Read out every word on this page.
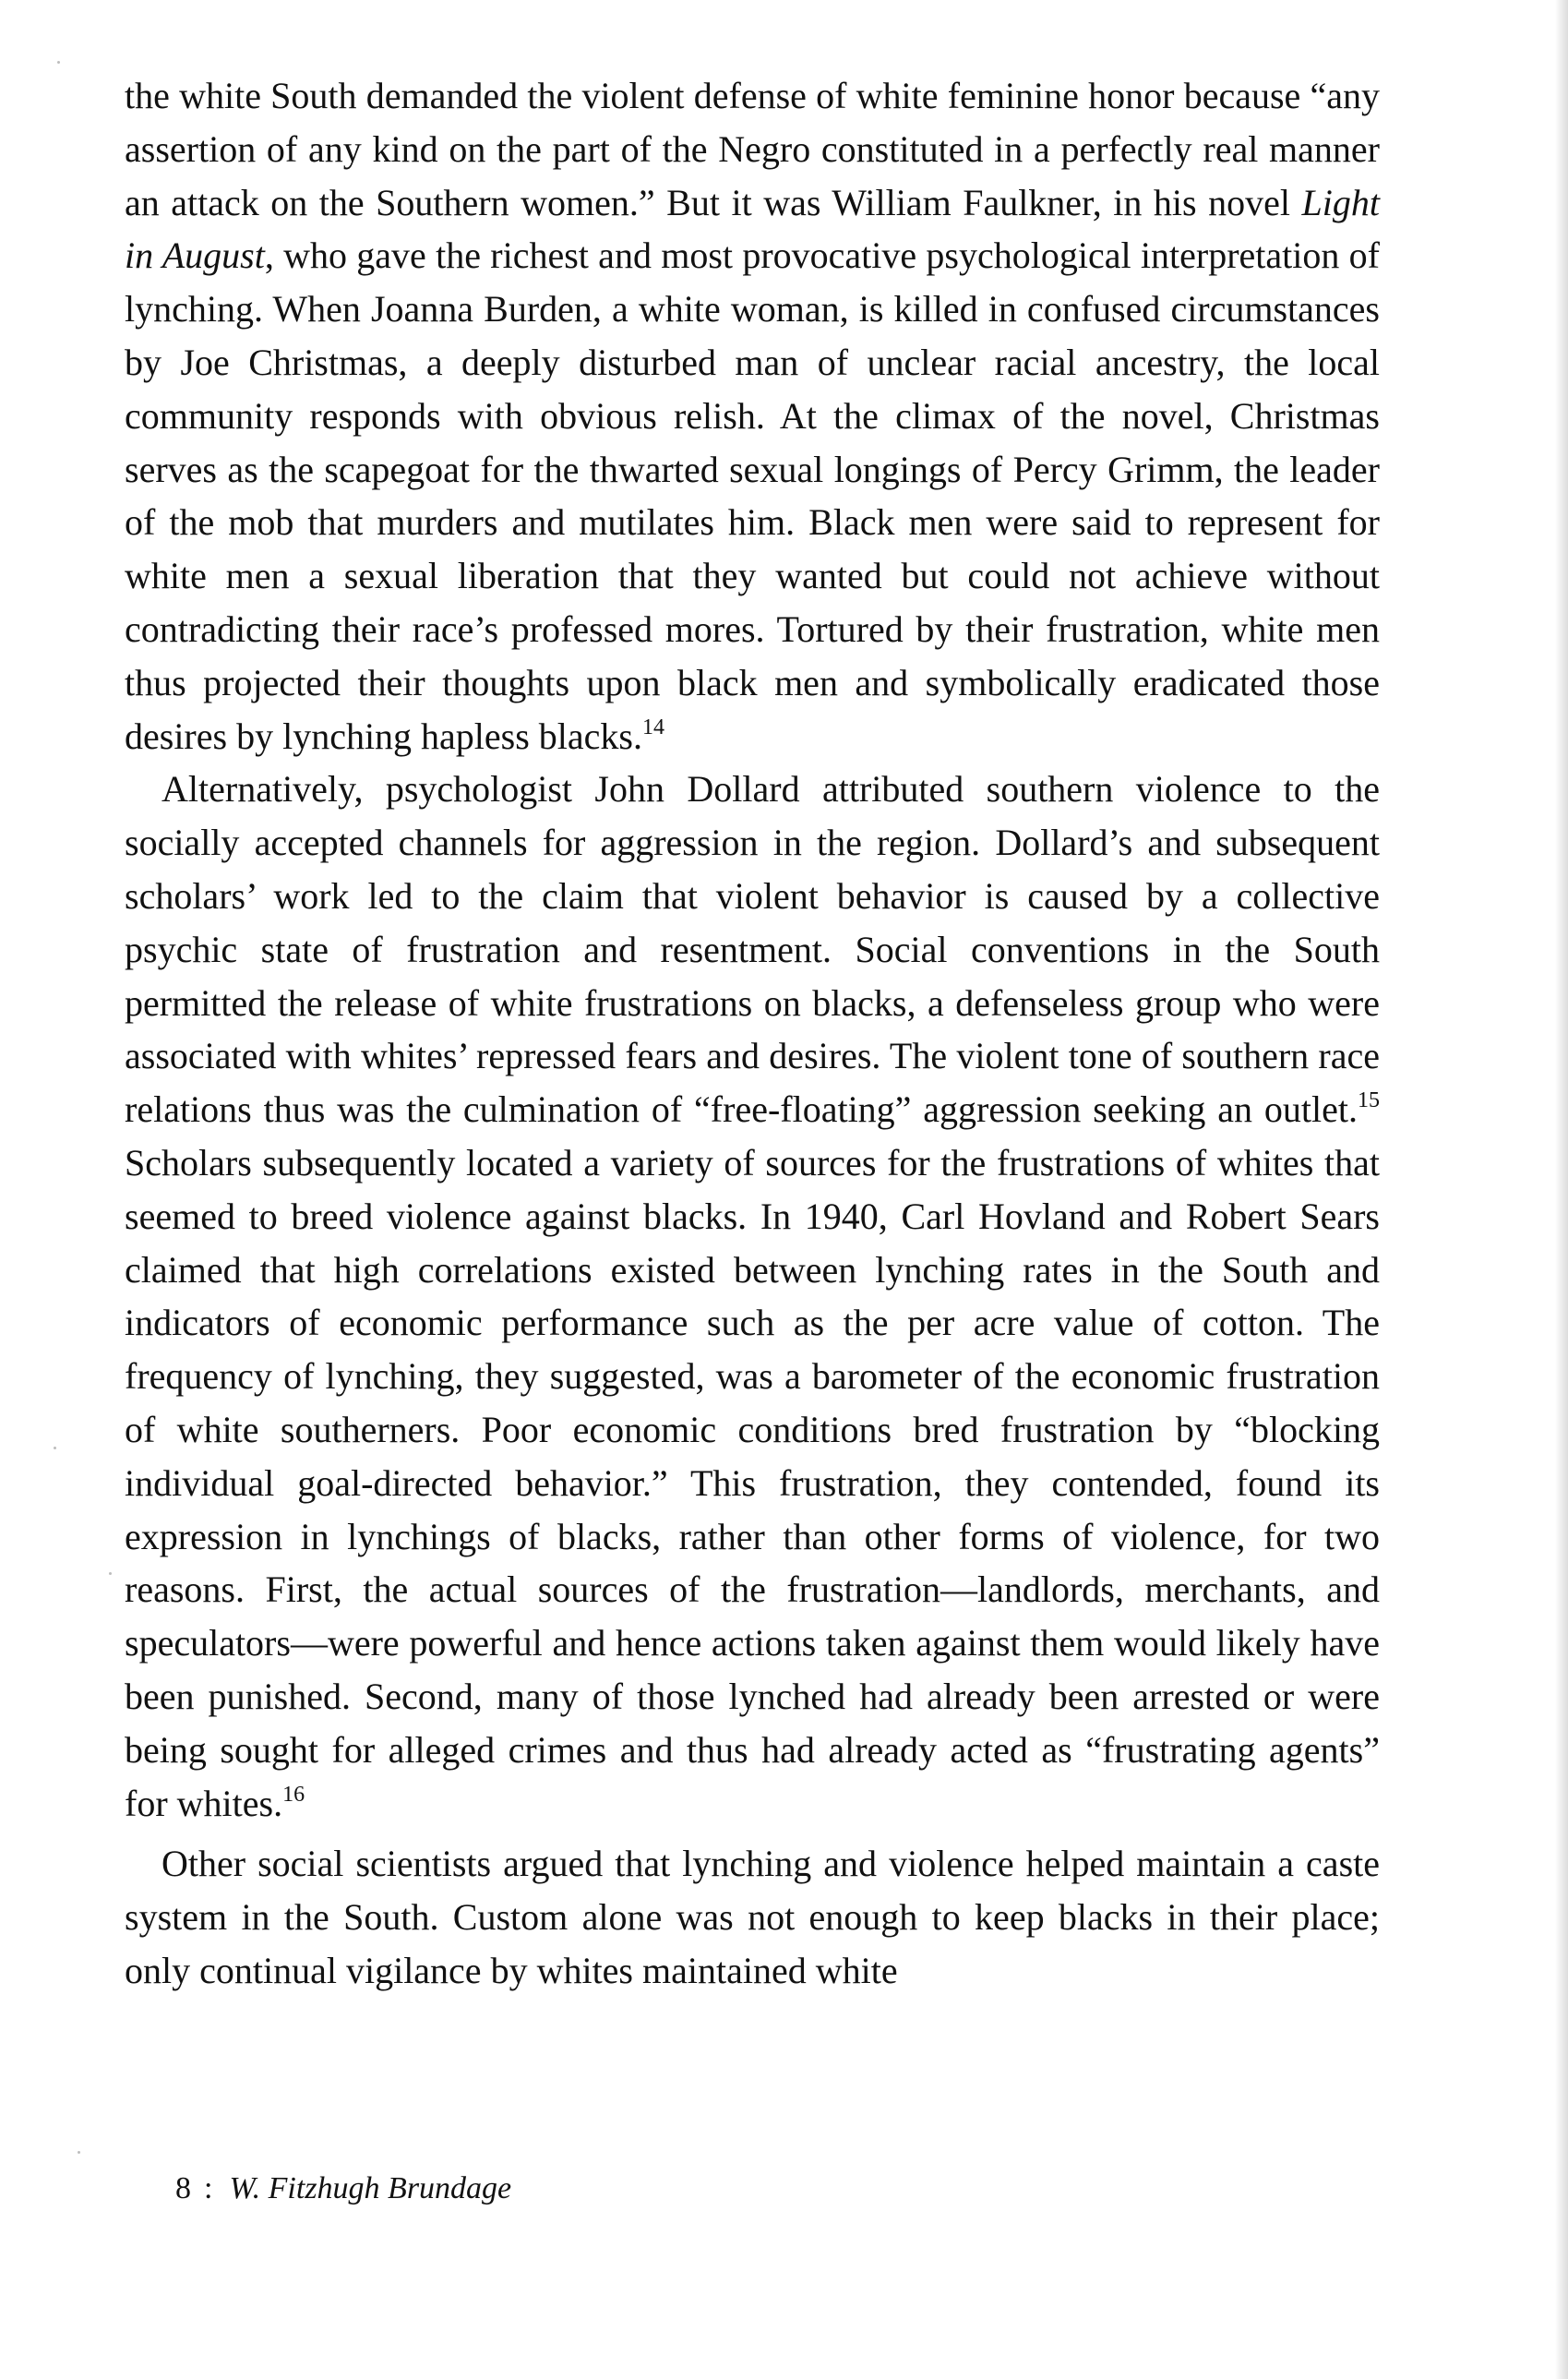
the white South demanded the violent defense of white feminine honor because “any assertion of any kind on the part of the Negro constituted in a perfectly real manner an attack on the Southern women.” But it was William Faulkner, in his novel Light in August, who gave the richest and most provocative psychological interpretation of lynching. When Joanna Burden, a white woman, is killed in confused circumstances by Joe Christmas, a deeply disturbed man of unclear racial ancestry, the local community responds with obvious relish. At the climax of the novel, Christmas serves as the scapegoat for the thwarted sexual longings of Percy Grimm, the leader of the mob that murders and mutilates him. Black men were said to represent for white men a sexual liberation that they wanted but could not achieve without contradicting their race’s professed mores. Tortured by their frustration, white men thus projected their thoughts upon black men and symbolically eradicated those desires by lynching hapless blacks.$^{14}$

Alternatively, psychologist John Dollard attributed southern violence to the socially accepted channels for aggression in the region. Dollard’s and subsequent scholars’ work led to the claim that violent behavior is caused by a collective psychic state of frustration and resentment. Social conventions in the South permitted the release of white frustrations on blacks, a defenseless group who were associated with whites’ repressed fears and desires. The violent tone of southern race relations thus was the culmination of “free-floating” aggression seeking an outlet.$^{15}$ Scholars subsequently located a variety of sources for the frustrations of whites that seemed to breed violence against blacks. In 1940, Carl Hovland and Robert Sears claimed that high correlations existed between lynching rates in the South and indicators of economic performance such as the per acre value of cotton. The frequency of lynching, they suggested, was a barometer of the economic frustration of white southerners. Poor economic conditions bred frustration by “blocking individual goal-directed behavior.” This frustration, they contended, found its expression in lynchings of blacks, rather than other forms of violence, for two reasons. First, the actual sources of the frustration—landlords, merchants, and speculators—were powerful and hence actions taken against them would likely have been punished. Second, many of those lynched had already been arrested or were being sought for alleged crimes and thus had already acted as “frustrating agents” for whites.$^{16}$

Other social scientists argued that lynching and violence helped maintain a caste system in the South. Custom alone was not enough to keep blacks in their place; only continual vigilance by whites maintained white

8 : W. Fitzhugh Brundage
